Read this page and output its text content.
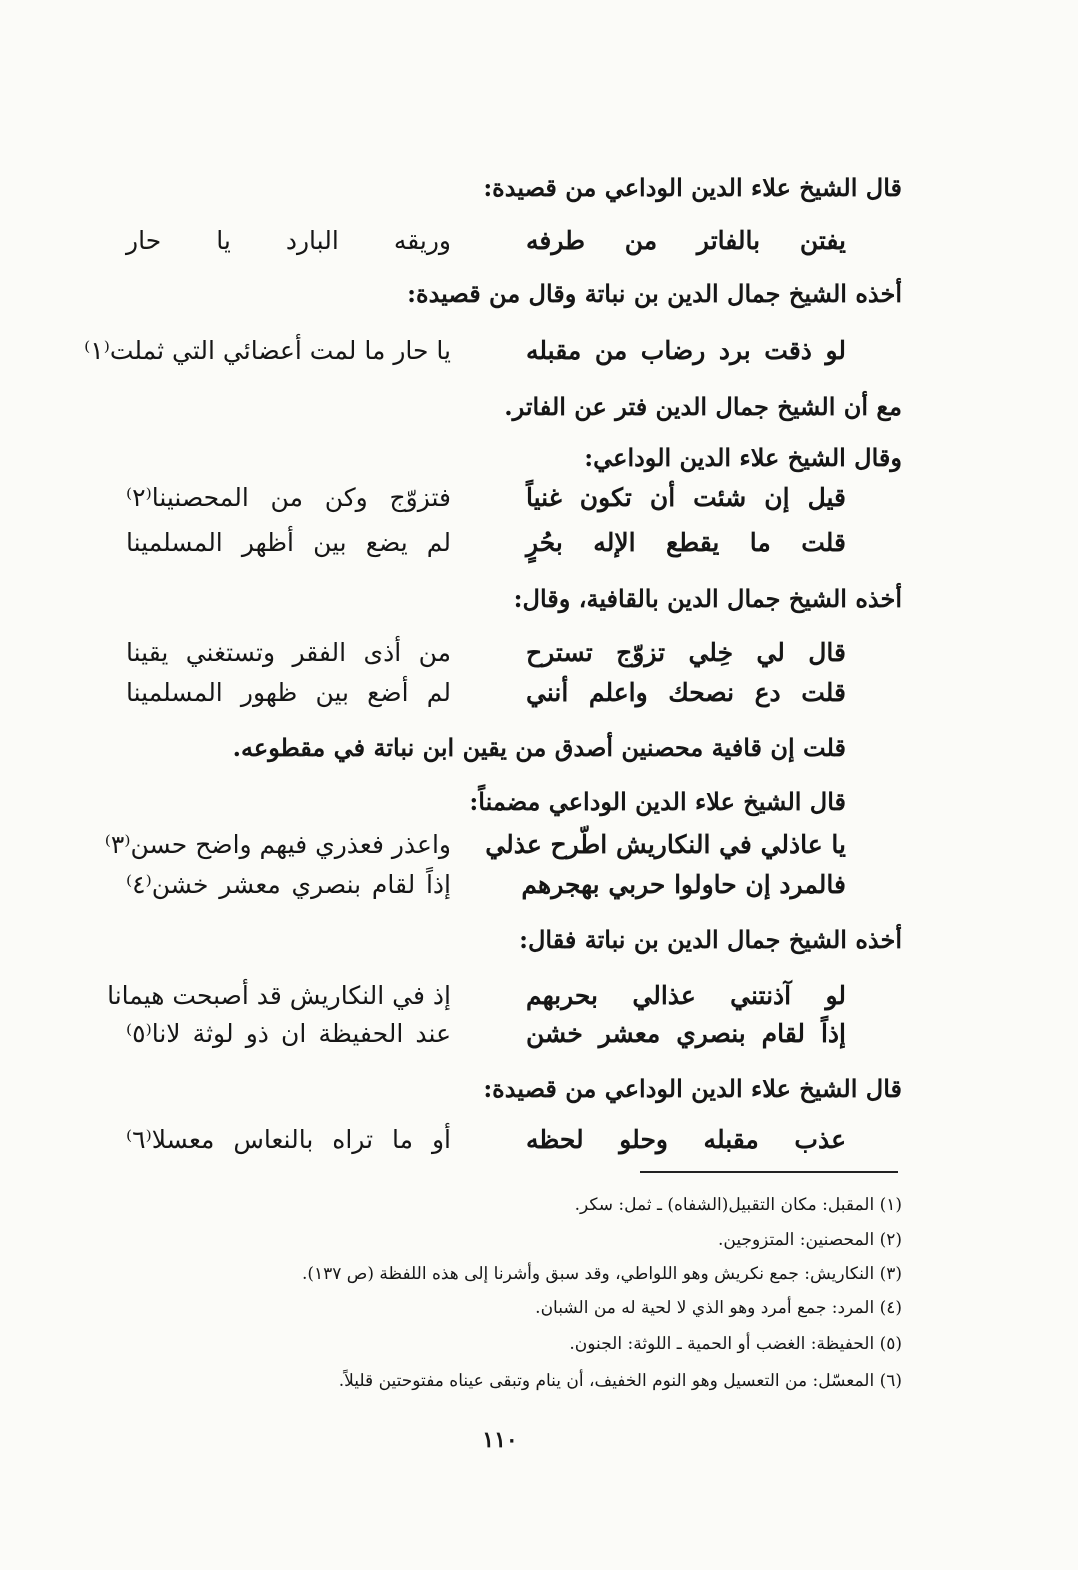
قال الشيخ علاء الدين الوداعي من قصيدة:
يفتن بالفاتر من طرفه
وريقه البارد يا حار
أخذه الشيخ جمال الدين بن نباتة وقال من قصيدة:
لو ذقت برد رضاب من مقبله
يا حار ما لمت أعضائي التي ثملت⁽١⁾
مع أن الشيخ جمال الدين فتر عن الفاتر.
وقال الشيخ علاء الدين الوداعي:
قيل إن شئت أن تكون غنياً
فتزوّج وكن من المحصنينا⁽٢⁾
قلت ما يقطع الإله بحُرٍ
لم يضع بين أظهر المسلمينا
أخذه الشيخ جمال الدين بالقافية، وقال:
قال لي خِلي تزوّج تسترح
من أذى الفقر وتستغني يقينا
قلت دع نصحك واعلم أنني
لم أضع بين ظهور المسلمينا
قلت إن قافية محصنين أصدق من يقين ابن نباتة في مقطوعه.
قال الشيخ علاء الدين الوداعي مضمناً:
يا عاذلي في النكاريش اطّرح عذلي
واعذر فعذري فيهم واضح حسن⁽٣⁾
فالمرد إن حاولوا حربي بهجرهم
إذاً لقام بنصري معشر خشن⁽٤⁾
أخذه الشيخ جمال الدين بن نباتة فقال:
لو آذنتني عذالي بحربهم
إذ في النكاريش قد أصبحت هيمانا
إذاً لقام بنصري معشر خشن
عند الحفيظة ان ذو لوثة لانا⁽٥⁾
قال الشيخ علاء الدين الوداعي من قصيدة:
عذب مقبله وحلو لحظه
أو ما تراه بالنعاس معسلا⁽٦⁾
(١) المقبل: مكان التقبيل(الشفاه) ـ ثمل: سكر.
(٢) المحصنين: المتزوجين.
(٣) النكاريش: جمع نكريش وهو اللواطي، وقد سبق وأشرنا إلى هذه اللفظة (ص ١٣٧).
(٤) المرد: جمع أمرد وهو الذي لا لحية له من الشبان.
(٥) الحفيظة: الغضب أو الحمية ـ اللوثة: الجنون.
(٦) المعسّل: من التعسيل وهو النوم الخفيف، أن ينام وتبقى عيناه مفتوحتين قليلاً.
١١٠
